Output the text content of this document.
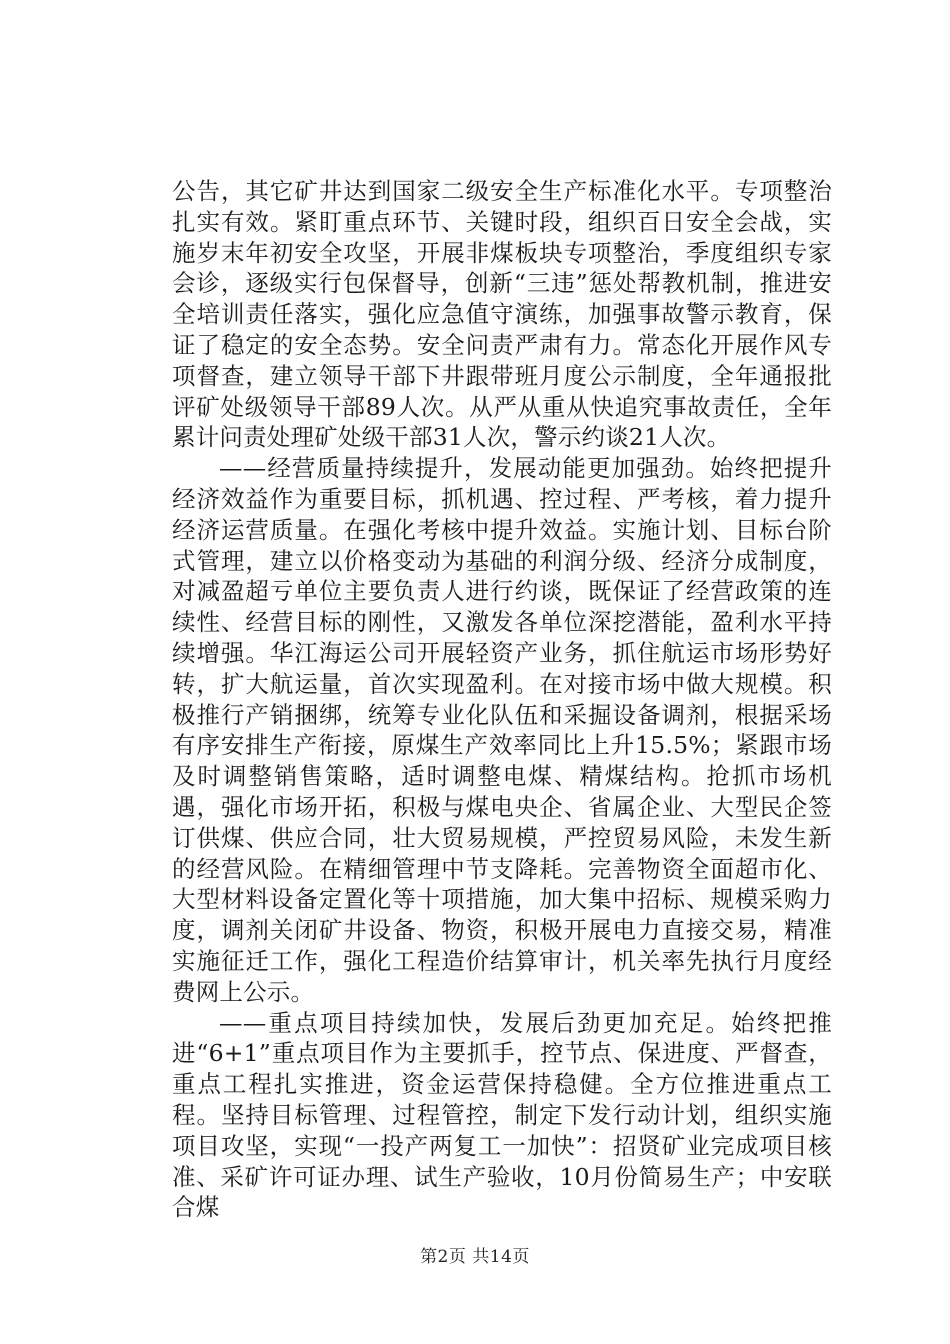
公告，其它矿井达到国家二级安全生产标准化水平。专项整治扎实有效。紧盯重点环节、关键时段，组织百日安全会战，实施岁末年初安全攻坚，开展非煤板块专项整治，季度组织专家会诊，逐级实行包保督导，创新“三违”惩处帮教机制，推进安全培训责任落实，强化应急值守演练，加强事故警示教育，保证了稳定的安全态势。安全问责严肃有力。常态化开展作风专项督查，建立领导干部下井跟带班月度公示制度，全年通报批评矿处级领导干部89人次。从严从重从快追究事故责任，全年累计问责处理矿处级干部31人次，警示约谈21人次。

——经营质量持续提升，发展动能更加强劲。始终把提升经济效益作为重要目标，抓机遇、控过程、严考核，着力提升经济运营质量。在强化考核中提升效益。实施计划、目标台阶式管理，建立以价格变动为基础的利润分级、经济分成制度，对减盈超亏单位主要负责人进行约谈，既保证了经营政策的连续性、经营目标的刚性，又激发各单位深挖潜能，盈利水平持续增强。华江海运公司开展轻资产业务，抓住航运市场形势好转，扩大航运量，首次实现盈利。在对接市场中做大规模。积极推行产销捆绑，统筹专业化队伍和采掘设备调剂，根据采场有序安排生产衔接，原煤生产效率同比上升15.5%；紧跟市场及时调整销售策略，适时调整电煤、精煤结构。抢抓市场机遇，强化市场开拓，积极与煤电央企、省属企业、大型民企签订供煤、供应合同，壮大贸易规模，严控贸易风险，未发生新的经营风险。在精细管理中节支降耗。完善物资全面超市化、大型材料设备定置化等十项措施，加大集中招标、规模采购力度，调剂关闭矿井设备、物资，积极开展电力直接交易，精准实施征迁工作，强化工程造价结算审计，机关率先执行月度经费网上公示。

——重点项目持续加快，发展后劲更加充足。始终把推进“6+1”重点项目作为主要抓手，控节点、保进度、严督查，重点工程扎实推进，资金运营保持稳健。全方位推进重点工程。坚持目标管理、过程管控，制定下发行动计划，组织实施项目攻坚，实现“一投产两复工一加快”：招贤矿业完成项目核准、采矿许可证办理、试生产验收，10月份简易生产；中安联合煤

第2页 共14页
